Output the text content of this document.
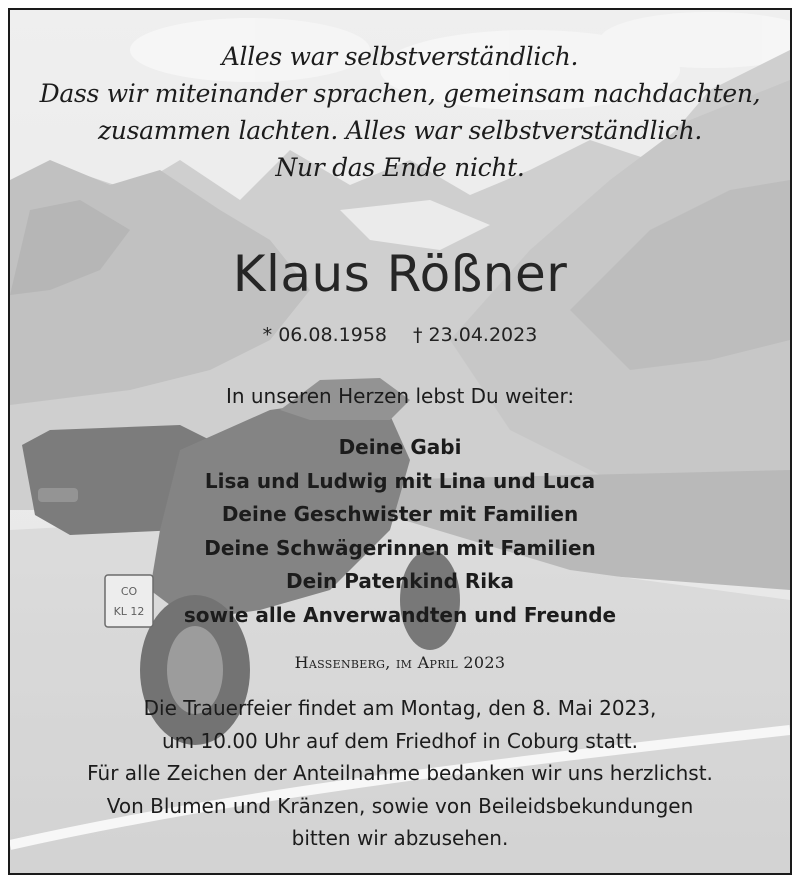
CO
KL 12
Alles war selbstverständlich.
Dass wir miteinander sprachen, gemeinsam nachdachten,
zusammen lachten. Alles war selbstverständlich.
Nur das Ende nicht.
Klaus Rößner
* 06.08.1958 † 23.04.2023
In unseren Herzen lebst Du weiter:
Deine Gabi
Lisa und Ludwig mit Lina und Luca
Deine Geschwister mit Familien
Deine Schwägerinnen mit Familien
Dein Patenkind Rika
sowie alle Anverwandten und Freunde
Hassenberg, im April 2023
Die Trauerfeier findet am Montag, den 8. Mai 2023,
um 10.00 Uhr auf dem Friedhof in Coburg statt.
Für alle Zeichen der Anteilnahme bedanken wir uns herzlichst.
Von Blumen und Kränzen, sowie von Beileidsbekundungen
bitten wir abzusehen.
